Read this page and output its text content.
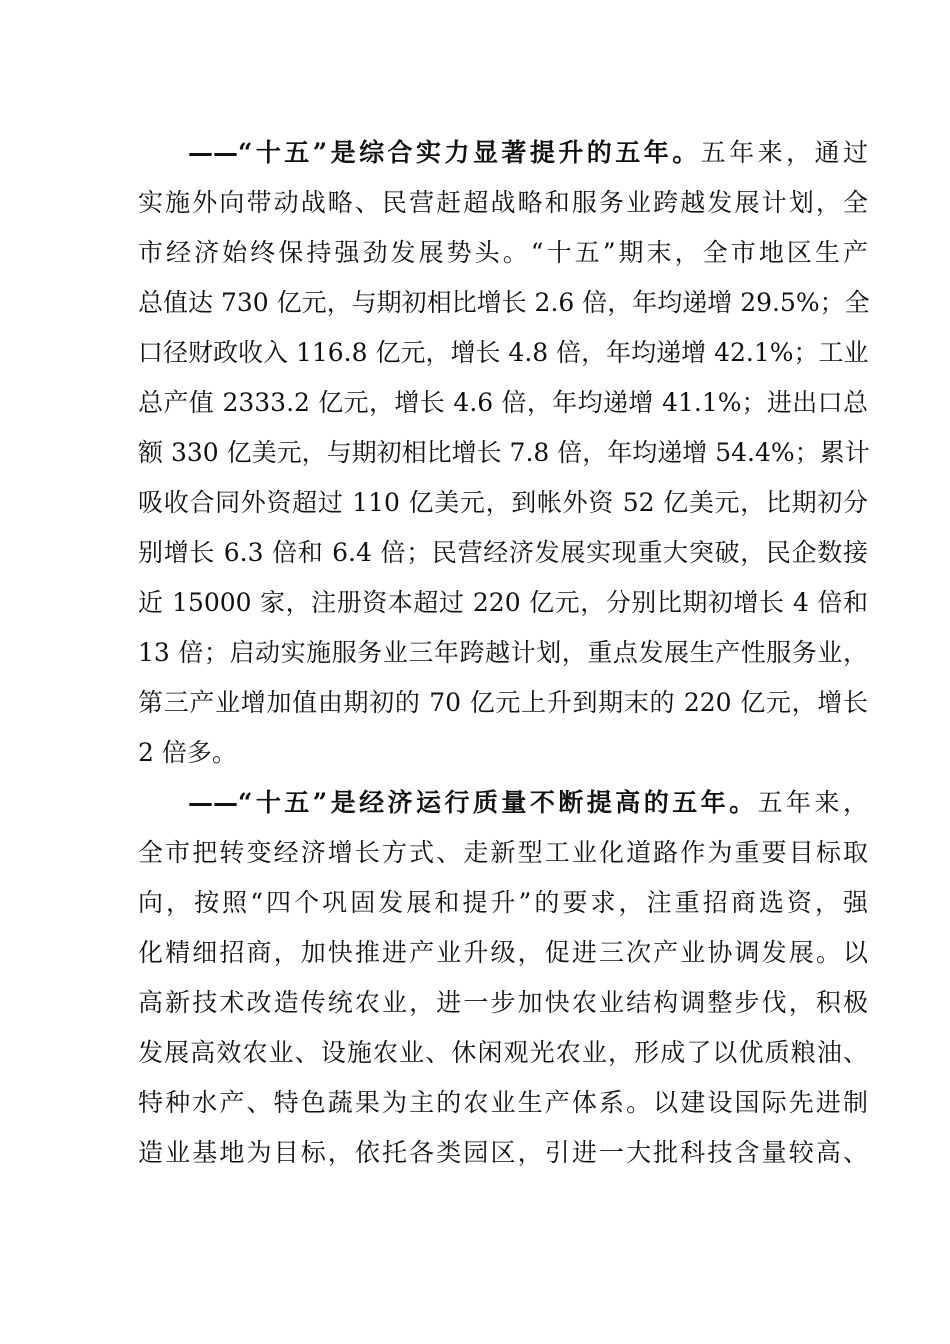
——“十五”是综合实力显著提升的五年。五年来，通过
实施外向带动战略、民营赶超战略和服务业跨越发展计划，全
市经济始终保持强劲发展势头。“十五”期末，全市地区生产
总值达 730 亿元，与期初相比增长 2.6 倍，年均递增 29.5%；全
口径财政收入 116.8 亿元，增长 4.8 倍，年均递增 42.1%；工业
总产值 2333.2 亿元，增长 4.6 倍，年均递增 41.1%；进出口总
额 330 亿美元，与期初相比增长 7.8 倍，年均递增 54.4%；累计
吸收合同外资超过 110 亿美元，到帐外资 52 亿美元，比期初分
别增长 6.3 倍和 6.4 倍；民营经济发展实现重大突破，民企数接
近 15000 家，注册资本超过 220 亿元，分别比期初增长 4 倍和
13 倍；启动实施服务业三年跨越计划，重点发展生产性服务业，
第三产业增加值由期初的 70 亿元上升到期末的 220 亿元，增长
2 倍多。
——“十五”是经济运行质量不断提高的五年。五年来，
全市把转变经济增长方式、走新型工业化道路作为重要目标取
向，按照“四个巩固发展和提升”的要求，注重招商选资，强
化精细招商，加快推进产业升级，促进三次产业协调发展。以
高新技术改造传统农业，进一步加快农业结构调整步伐，积极
发展高效农业、设施农业、休闲观光农业，形成了以优质粮油、
特种水产、特色蔬果为主的农业生产体系。以建设国际先进制
造业基地为目标，依托各类园区，引进一大批科技含量较高、
